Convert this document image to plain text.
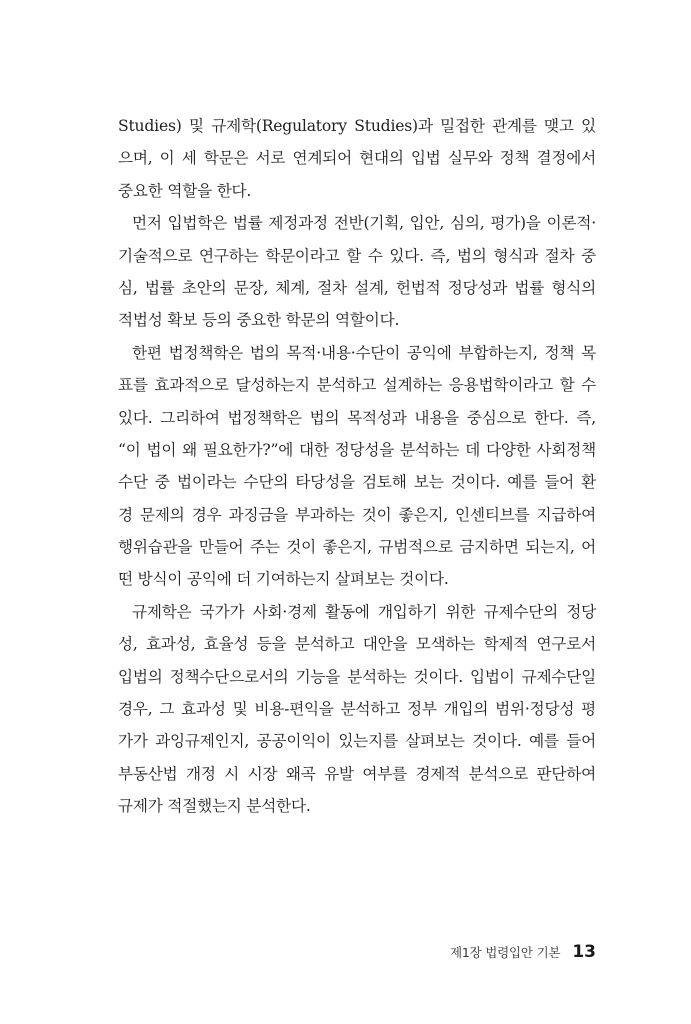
Studies) 및 규제학(Regulatory Studies)과 밀접한 관계를 맺고 있
으며, 이 세 학문은 서로 연계되어 현대의 입법 실무와 정책 결정에서
중요한 역할을 한다.
먼저 입법학은 법률 제정과정 전반(기획, 입안, 심의, 평가)을 이론적·
기술적으로 연구하는 학문이라고 할 수 있다. 즉, 법의 형식과 절차 중
심, 법률 초안의 문장, 체계, 절차 설계, 헌법적 정당성과 법률 형식의
적법성 확보 등의 중요한 학문의 역할이다.
한편 법정책학은 법의 목적·내용·수단이 공익에 부합하는지, 정책 목
표를 효과적으로 달성하는지 분석하고 설계하는 응용법학이라고 할 수
있다. 그리하여 법정책학은 법의 목적성과 내용을 중심으로 한다. 즉,
“이 법이 왜 필요한가?”에 대한 정당성을 분석하는 데 다양한 사회정책
수단 중 법이라는 수단의 타당성을 검토해 보는 것이다. 예를 들어 환
경 문제의 경우 과징금을 부과하는 것이 좋은지, 인센티브를 지급하여
행위습관을 만들어 주는 것이 좋은지, 규범적으로 금지하면 되는지, 어
떤 방식이 공익에 더 기여하는지 살펴보는 것이다.
규제학은 국가가 사회·경제 활동에 개입하기 위한 규제수단의 정당
성, 효과성, 효율성 등을 분석하고 대안을 모색하는 학제적 연구로서
입법의 정책수단으로서의 기능을 분석하는 것이다. 입법이 규제수단일
경우, 그 효과성 및 비용-편익을 분석하고 정부 개입의 범위·정당성 평
가가 과잉규제인지, 공공이익이 있는지를 살펴보는 것이다. 예를 들어
부동산법 개정 시 시장 왜곡 유발 여부를 경제적 분석으로 판단하여
규제가 적절했는지 분석한다.
제1장 법령입안 기본 13
